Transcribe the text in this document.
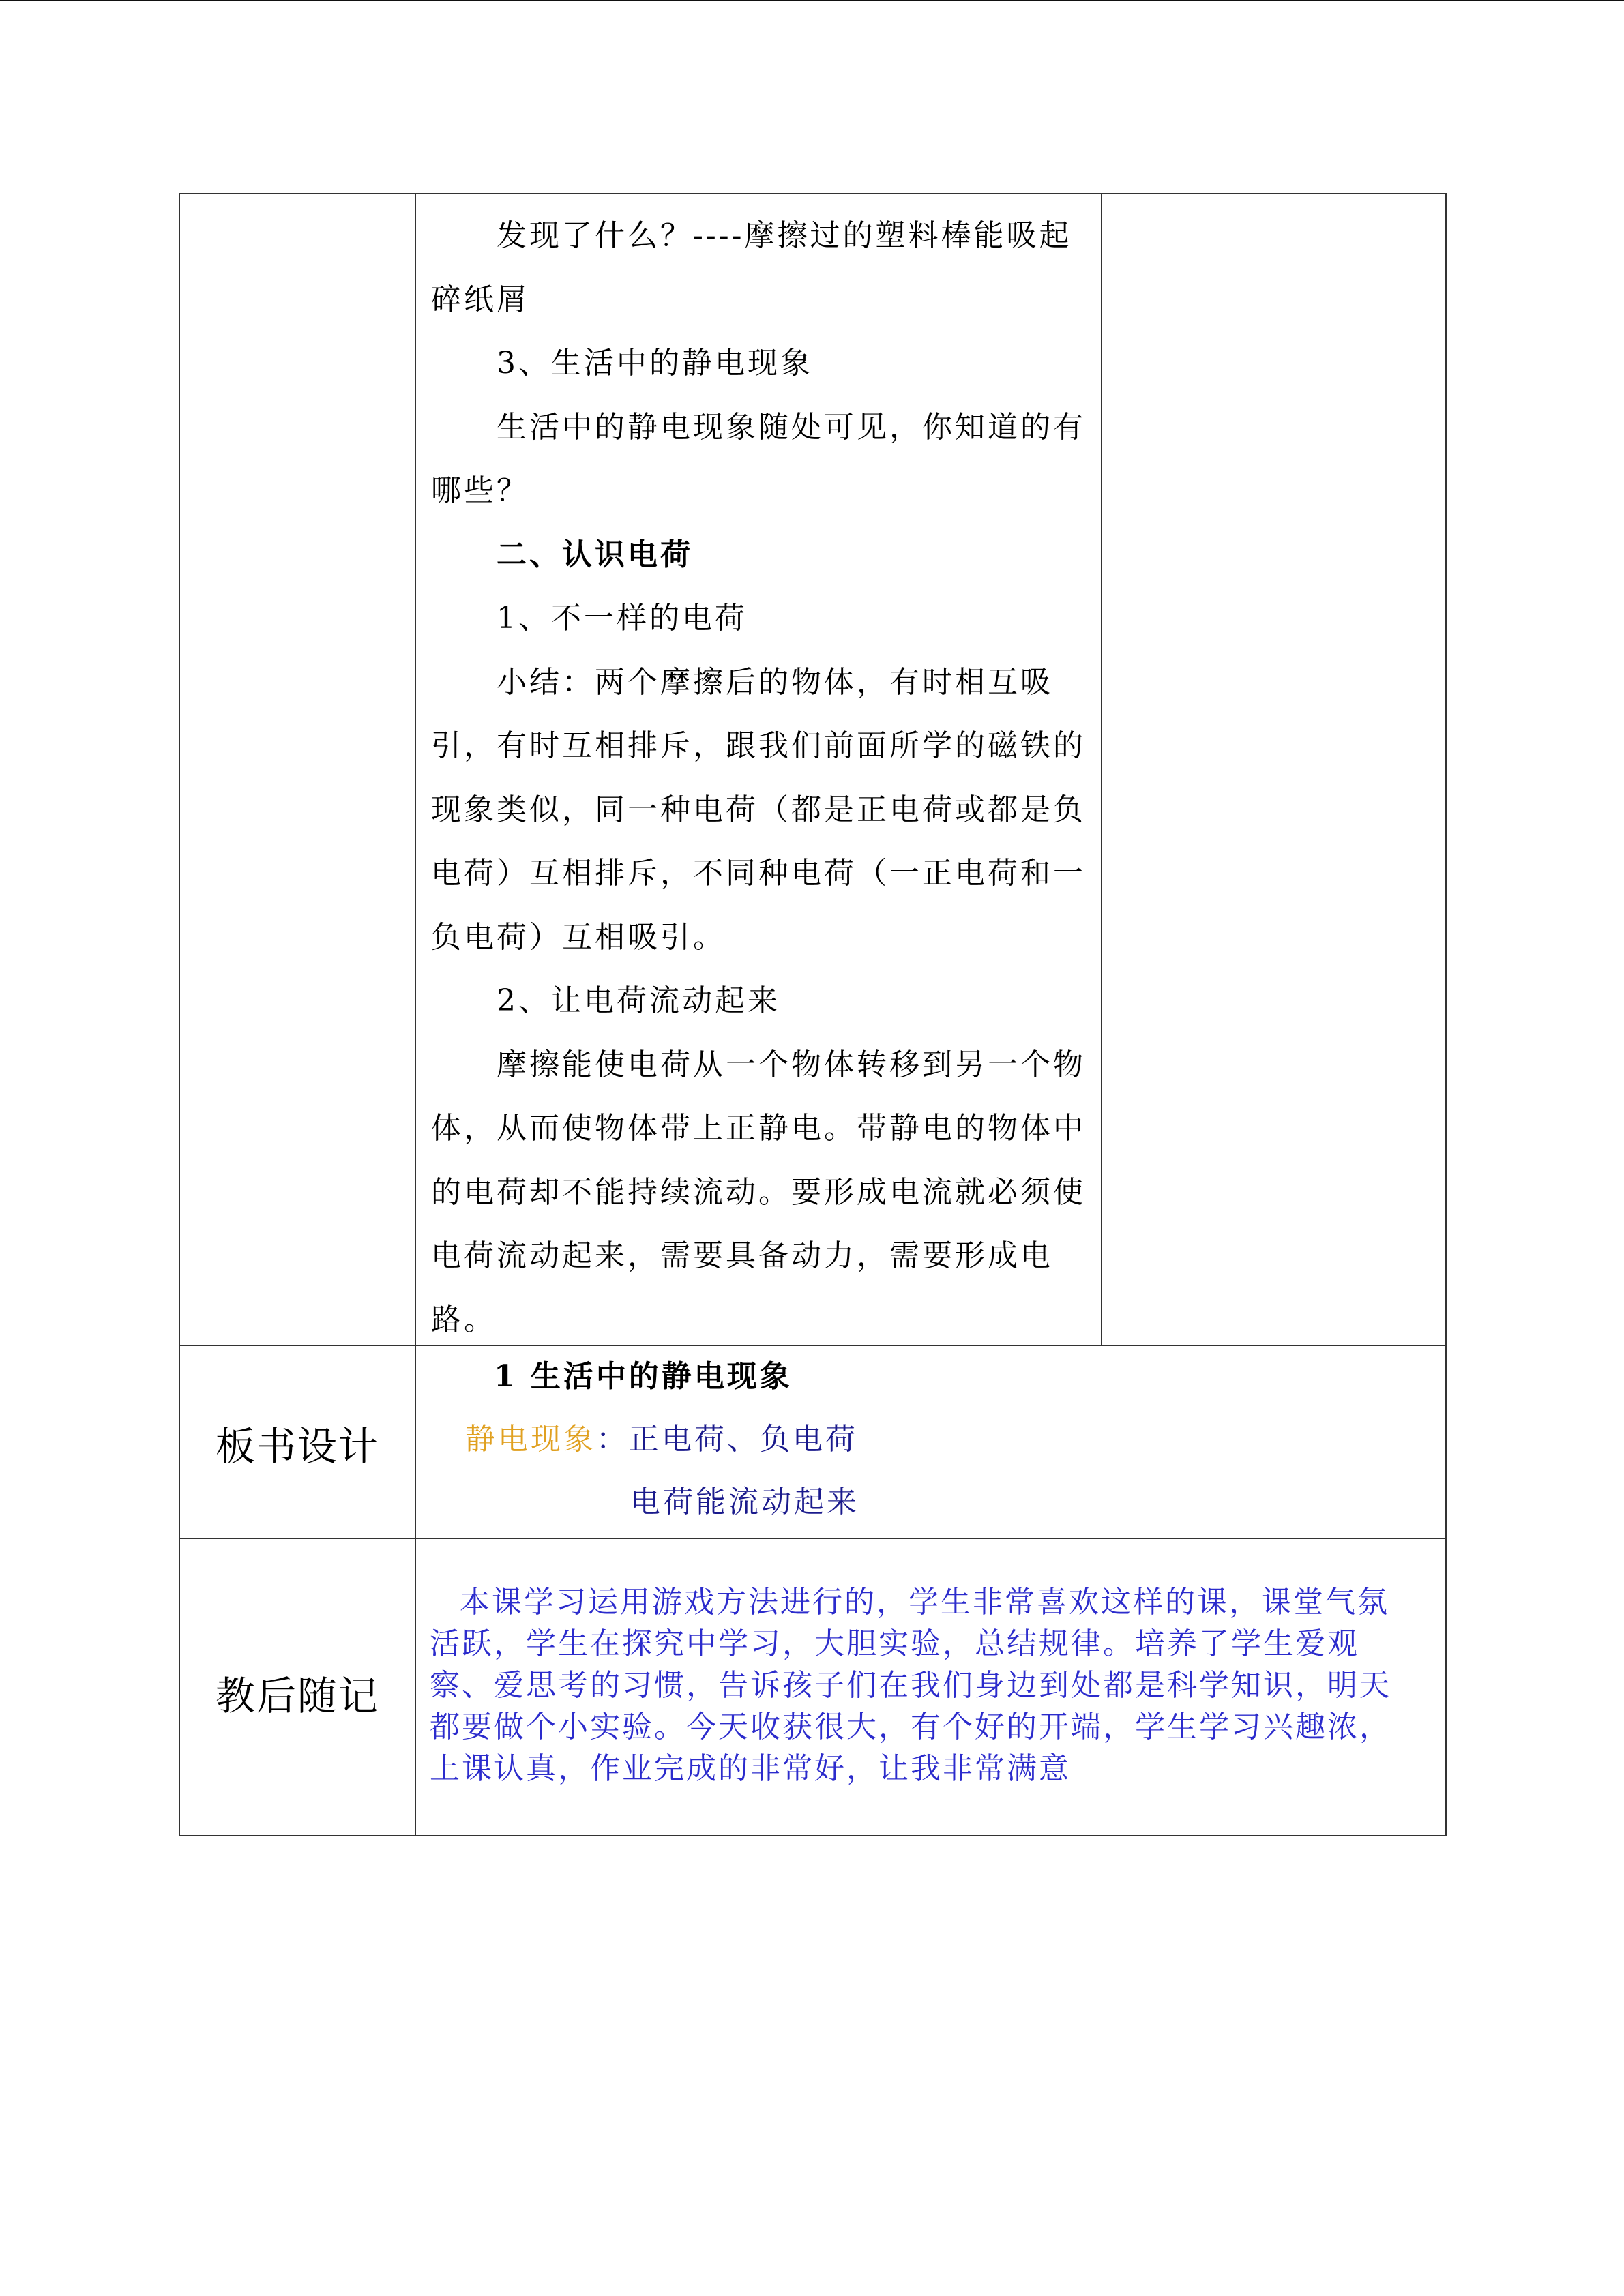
发现了什么？----摩擦过的塑料棒能吸起

碎纸屑

3、生活中的静电现象

生活中的静电现象随处可见，你知道的有

哪些？

二、认识电荷

1、不一样的电荷

小结：两个摩擦后的物体，有时相互吸

引，有时互相排斥，跟我们前面所学的磁铁的

现象类似，同一种电荷（都是正电荷或都是负

电荷）互相排斥，不同种电荷（一正电荷和一

负电荷）互相吸引。

2、让电荷流动起来

摩擦能使电荷从一个物体转移到另一个物

体，从而使物体带上正静电。带静电的物体中

的电荷却不能持续流动。要形成电流就必须使

电荷流动起来，需要具备动力，需要形成电

路。

板书设计
1 生活中的静电现象
静电现象：正电荷、负电荷
电荷能流动起来
教后随记

本课学习运用游戏方法进行的，学生非常喜欢这样的课，课堂气氛

活跃，学生在探究中学习，大胆实验，总结规律。培养了学生爱观

察、爱思考的习惯，告诉孩子们在我们身边到处都是科学知识，明天

都要做个小实验。今天收获很大，有个好的开端，学生学习兴趣浓，

上课认真，作业完成的非常好，让我非常满意
